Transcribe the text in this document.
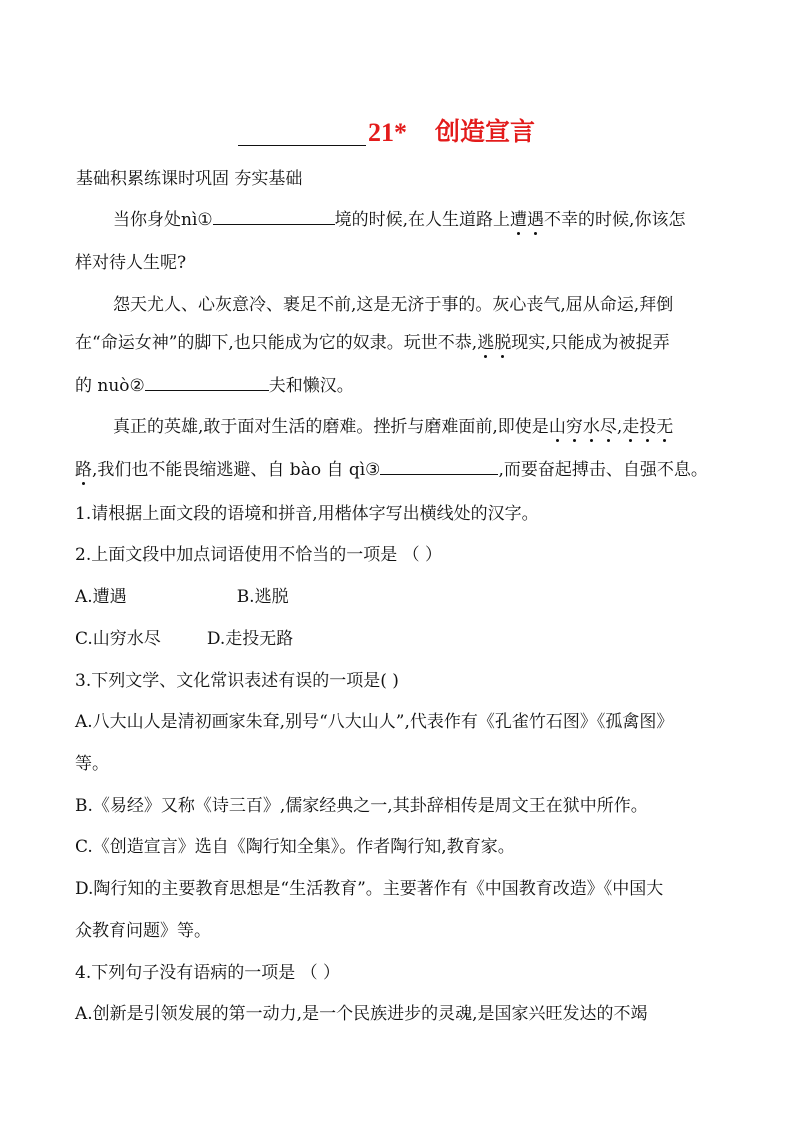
21* 创造宣言
基础积累练课时巩固 夯实基础
当你身处nì①	境的时候,在人生道路上遭遇不幸的时候,你该怎
样对待人生呢?
怨天尤人、心灰意冷、裹足不前,这是无济于事的。灰心丧气,屈从命运,拜倒
在“命运女神”的脚下,也只能成为它的奴隶。玩世不恭,逃脱现实,只能成为被捉弄
的 nuò②	夫和懒汉。
真正的英雄,敢于面对生活的磨难。挫折与磨难面前,即使是山穷水尽,走投无
路,我们也不能畏缩逃避、自 bào 自 qì③	,而要奋起搏击、自强不息。
1.请根据上面文段的语境和拼音,用楷体字写出横线处的汉字。
2.上面文段中加点词语使用不恰当的一项是 （ ）
A.遭遇	B.逃脱
C.山穷水尽	D.走投无路
3.下列文学、文化常识表述有误的一项是( )
A.八大山人是清初画家朱耷,别号“八大山人”,代表作有《孔雀竹石图》《孤禽图》
等。
B.《易经》又称《诗三百》,儒家经典之一,其卦辞相传是周文王在狱中所作。
C.《创造宣言》选自《陶行知全集》。作者陶行知,教育家。
D.陶行知的主要教育思想是“生活教育”。主要著作有《中国教育改造》《中国大
众教育问题》等。
4.下列句子没有语病的一项是 （ ）
A.创新是引领发展的第一动力,是一个民族进步的灵魂,是国家兴旺发达的不竭
